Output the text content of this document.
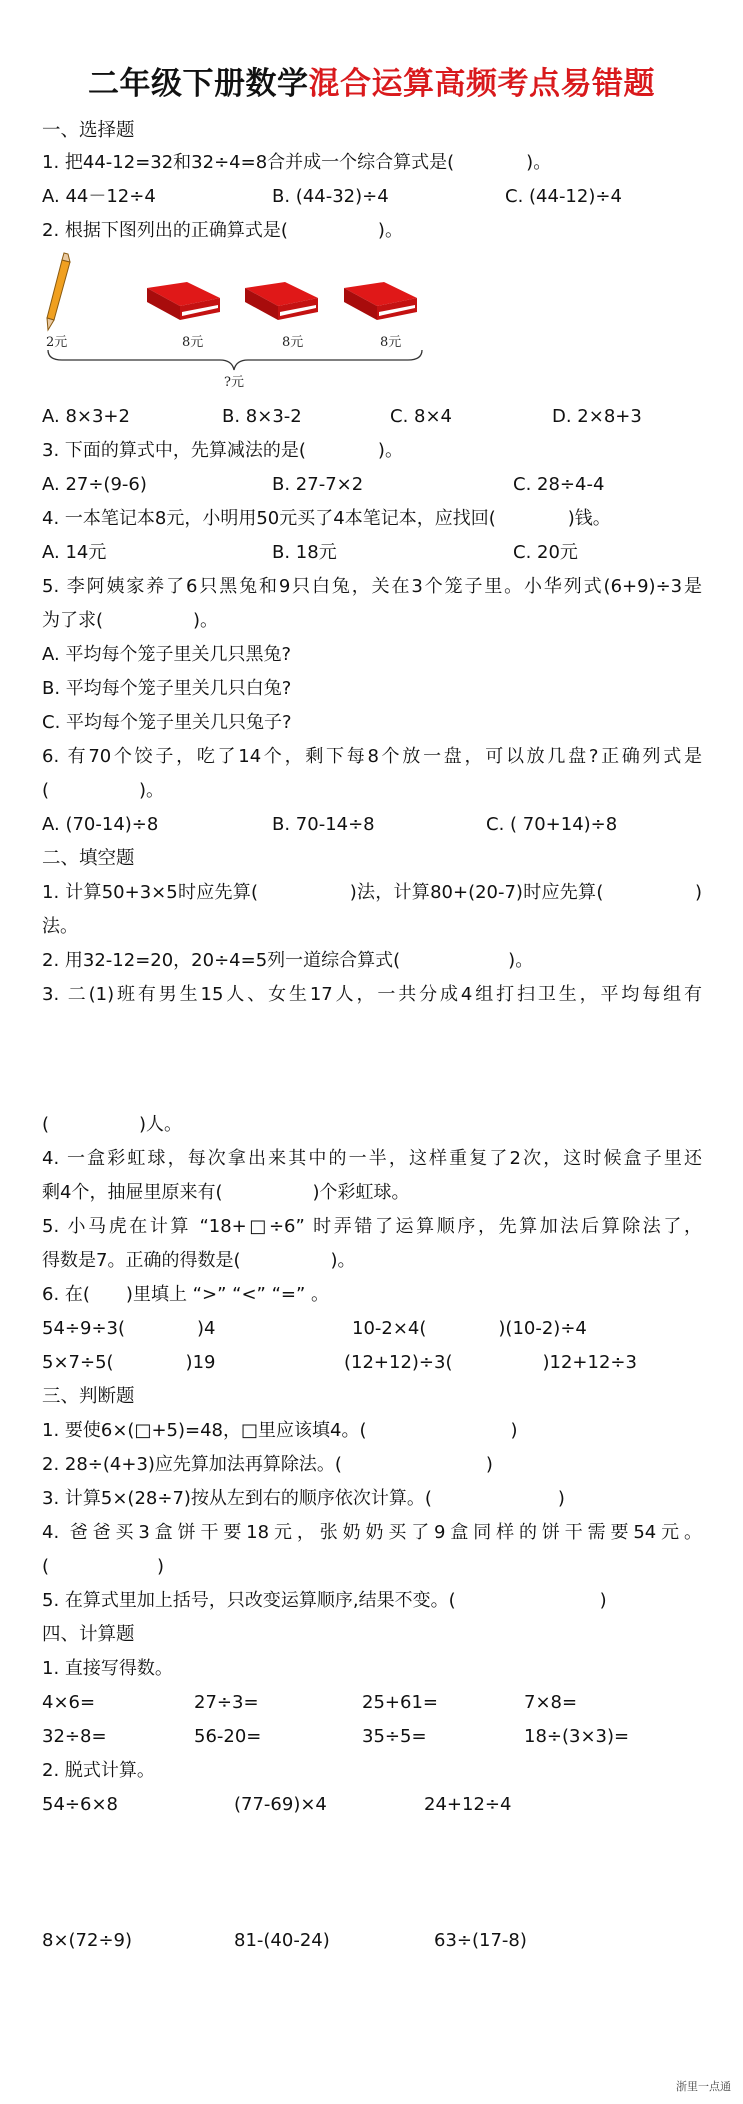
二年级下册数学混合运算高频考点易错题
一、选择题
1. 把44-12=32和32÷4=8合并成一个综合算式是(　　　　)。
A. 44－12÷4	B. (44-32)÷4	C. (44-12)÷4
2. 根据下图列出的正确算式是(　　　　　)。
2元	8元	8元	8元
?元
A. 8×3+2	B. 8×3-2	C. 8×4	D. 2×8+3
3. 下面的算式中，先算减法的是(　　　　)。
A. 27÷(9-6)	B. 27-7×2	C. 28÷4-4
4. 一本笔记本8元，小明用50元买了4本笔记本，应找回(　　　　)钱。
A. 14元	B. 18元	C. 20元
5. 李阿姨家养了6只黑兔和9只白兔，关在3个笼子里。小华列式(6+9)÷3是
为了求(　　　　　)。
A. 平均每个笼子里关几只黑兔?
B. 平均每个笼子里关几只白兔?
C. 平均每个笼子里关几只兔子?
6. 有70个饺子，吃了14个，剩下每8个放一盘，可以放几盘?正确列式是
(　　　　　)。
A. (70-14)÷8	B. 70-14÷8	C. ( 70+14)÷8
二、填空题
1. 计算50+3×5时应先算(　　　　　)法，计算80+(20-7)时应先算(　　　　　)
法。
2. 用32-12=20，20÷4=5列一道综合算式(　　　　　　)。
3. 二(1)班有男生15人、女生17人，一共分成4组打扫卫生，平均每组有
(　　　　　)人。
4. 一盒彩虹球，每次拿出来其中的一半，这样重复了2次，这时候盒子里还
剩4个，抽屉里原来有(　　　　　)个彩虹球。
5. 小马虎在计算 “18+□÷6” 时弄错了运算顺序，先算加法后算除法了，
得数是7。正确的得数是(　　　　　)。
6. 在(　　)里填上 “>” “<” “=” 。
54÷9÷3(　　　　)4	10-2×4(　　　　)(10-2)÷4
5×7÷5(　　　　)19	(12+12)÷3(　　　　　)12+12÷3
三、判断题
1. 要使6×(□+5)=48，□里应该填4。(　　　　　　　　)
2. 28÷(4+3)应先算加法再算除法。(　　　　　　　　)
3. 计算5×(28÷7)按从左到右的顺序依次计算。(　　　　　　　)
4. 爸爸买3盒饼干要18元，张奶奶买了9盒同样的饼干需要54元。
(　　　　　　)
5. 在算式里加上括号，只改变运算顺序,结果不变。(　　　　　　　　)
四、计算题
1. 直接写得数。
4×6=	27÷3=	25+61=	7×8=
32÷8=	56-20=	35÷5=	18÷(3×3)=
2. 脱式计算。
54÷6×8	(77-69)×4	24+12÷4
8×(72÷9)	81-(40-24)	63÷(17-8)
浙里一点通
